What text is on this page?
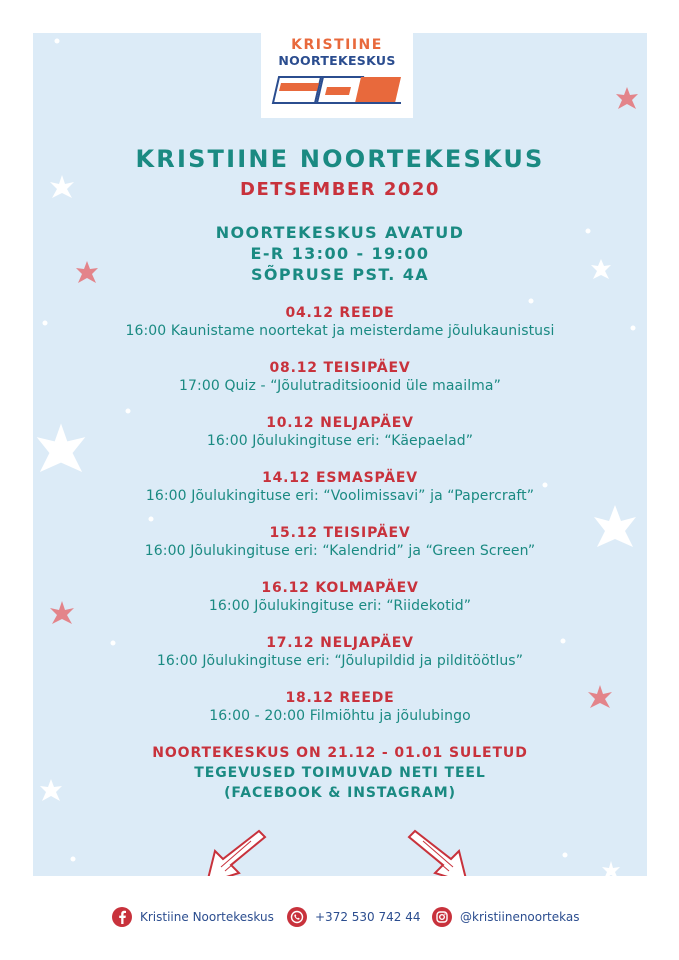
KRISTIINE
NOORTEKESKUS
KRISTIINE NOORTEKESKUS
DETSEMBER 2020
NOORTEKESKUS AVATUD
E-R 13:00 - 19:00
SÕPRUSE PST. 4A
04.12 REEDE
16:00 Kaunistame noortekat ja meisterdame jõulukaunistusi
08.12 TEISIPÄEV
17:00 Quiz - “Jõulutraditsioonid üle maailma”
10.12 NELJAPÄEV
16:00 Jõulukingituse eri: “Käepaelad”
14.12 ESMASPÄEV
16:00 Jõulukingituse eri: “Voolimissavi” ja “Papercraft”
15.12 TEISIPÄEV
16:00 Jõulukingituse eri: “Kalendrid” ja “Green Screen”
16.12 KOLMAPÄEV
16:00 Jõulukingituse eri: “Riidekotid”
17.12 NELJAPÄEV
16:00 Jõulukingituse eri: “Jõulupildid ja pilditöötlus”
18.12 REEDE
16:00 - 20:00 Filmiõhtu ja jõulubingo
NOORTEKESKUS ON 21.12 - 01.01 SULETUD
TEGEVUSED TOIMUVAD NETI TEEL
(FACEBOOK & INSTAGRAM)
Kristiine Noortekeskus	+372 530 742 44	@kristiinenoortekas
